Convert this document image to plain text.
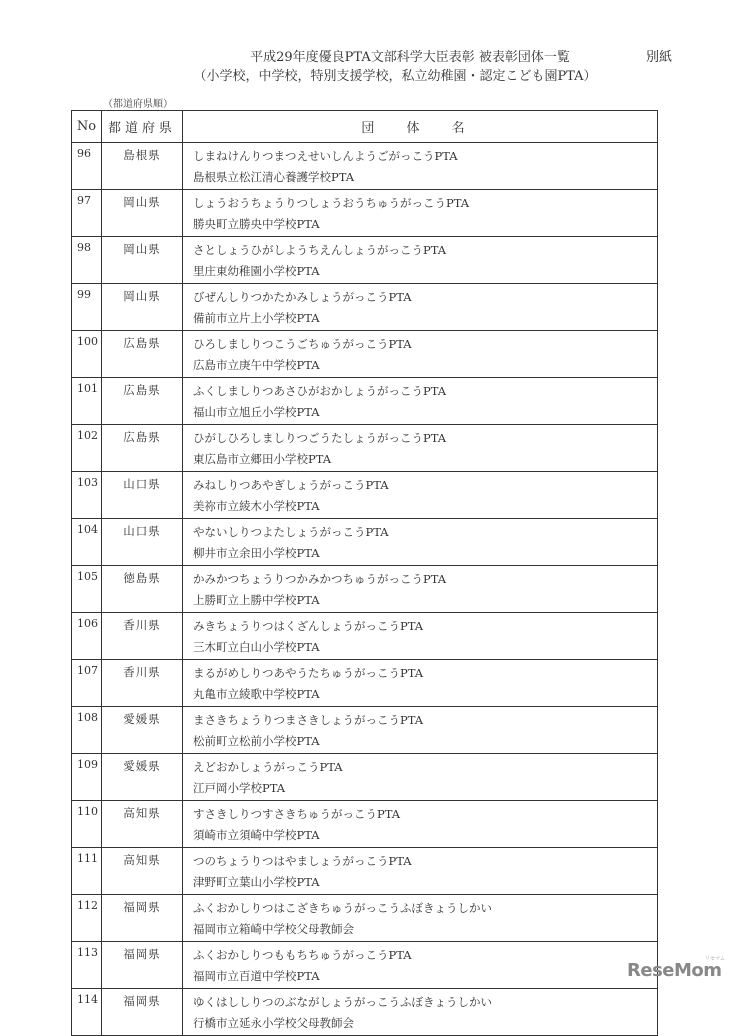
別紙
平成29年度優良PTA文部科学大臣表彰 被表彰団体一覧
（小学校，中学校，特別支援学校，私立幼稚園・認定こども園PTA）
（都道府県順）
No	都道府県	団 体 名
96	島根県	しまねけんりつまつえせいしんようごがっこうPTA
島根県立松江清心養護学校PTA

97	岡山県	しょうおうちょうりつしょうおうちゅうがっこうPTA
勝央町立勝央中学校PTA

98	岡山県	さとしょうひがしようちえんしょうがっこうPTA
里庄東幼稚園小学校PTA

99	岡山県	びぜんしりつかたかみしょうがっこうPTA
備前市立片上小学校PTA

100	広島県	ひろしましりつこうごちゅうがっこうPTA
広島市立庚午中学校PTA

101	広島県	ふくしましりつあさひがおかしょうがっこうPTA
福山市立旭丘小学校PTA

102	広島県	ひがしひろしましりつごうたしょうがっこうPTA
東広島市立郷田小学校PTA

103	山口県	みねしりつあやぎしょうがっこうPTA
美祢市立綾木小学校PTA

104	山口県	やないしりつよたしょうがっこうPTA
柳井市立余田小学校PTA

105	徳島県	かみかつちょうりつかみかつちゅうがっこうPTA
上勝町立上勝中学校PTA

106	香川県	みきちょうりつはくざんしょうがっこうPTA
三木町立白山小学校PTA

107	香川県	まるがめしりつあやうたちゅうがっこうPTA
丸亀市立綾歌中学校PTA

108	愛媛県	まさきちょうりつまさきしょうがっこうPTA
松前町立松前小学校PTA

109	愛媛県	えどおかしょうがっこうPTA
江戸岡小学校PTA

110	高知県	すさきしりつすさきちゅうがっこうPTA
須崎市立須崎中学校PTA

111	高知県	つのちょうりつはやましょうがっこうPTA
津野町立葉山小学校PTA

112	福岡県	ふくおかしりつはこざきちゅうがっこうふぼきょうしかい
福岡市立箱崎中学校父母教師会

113	福岡県	ふくおかしりつももちちゅうがっこうPTA
福岡市立百道中学校PTA

114	福岡県	ゆくはししりつのぶながしょうがっこうふぼきょうしかい
行橋市立延永小学校父母教師会
ReseMom
リセマム
